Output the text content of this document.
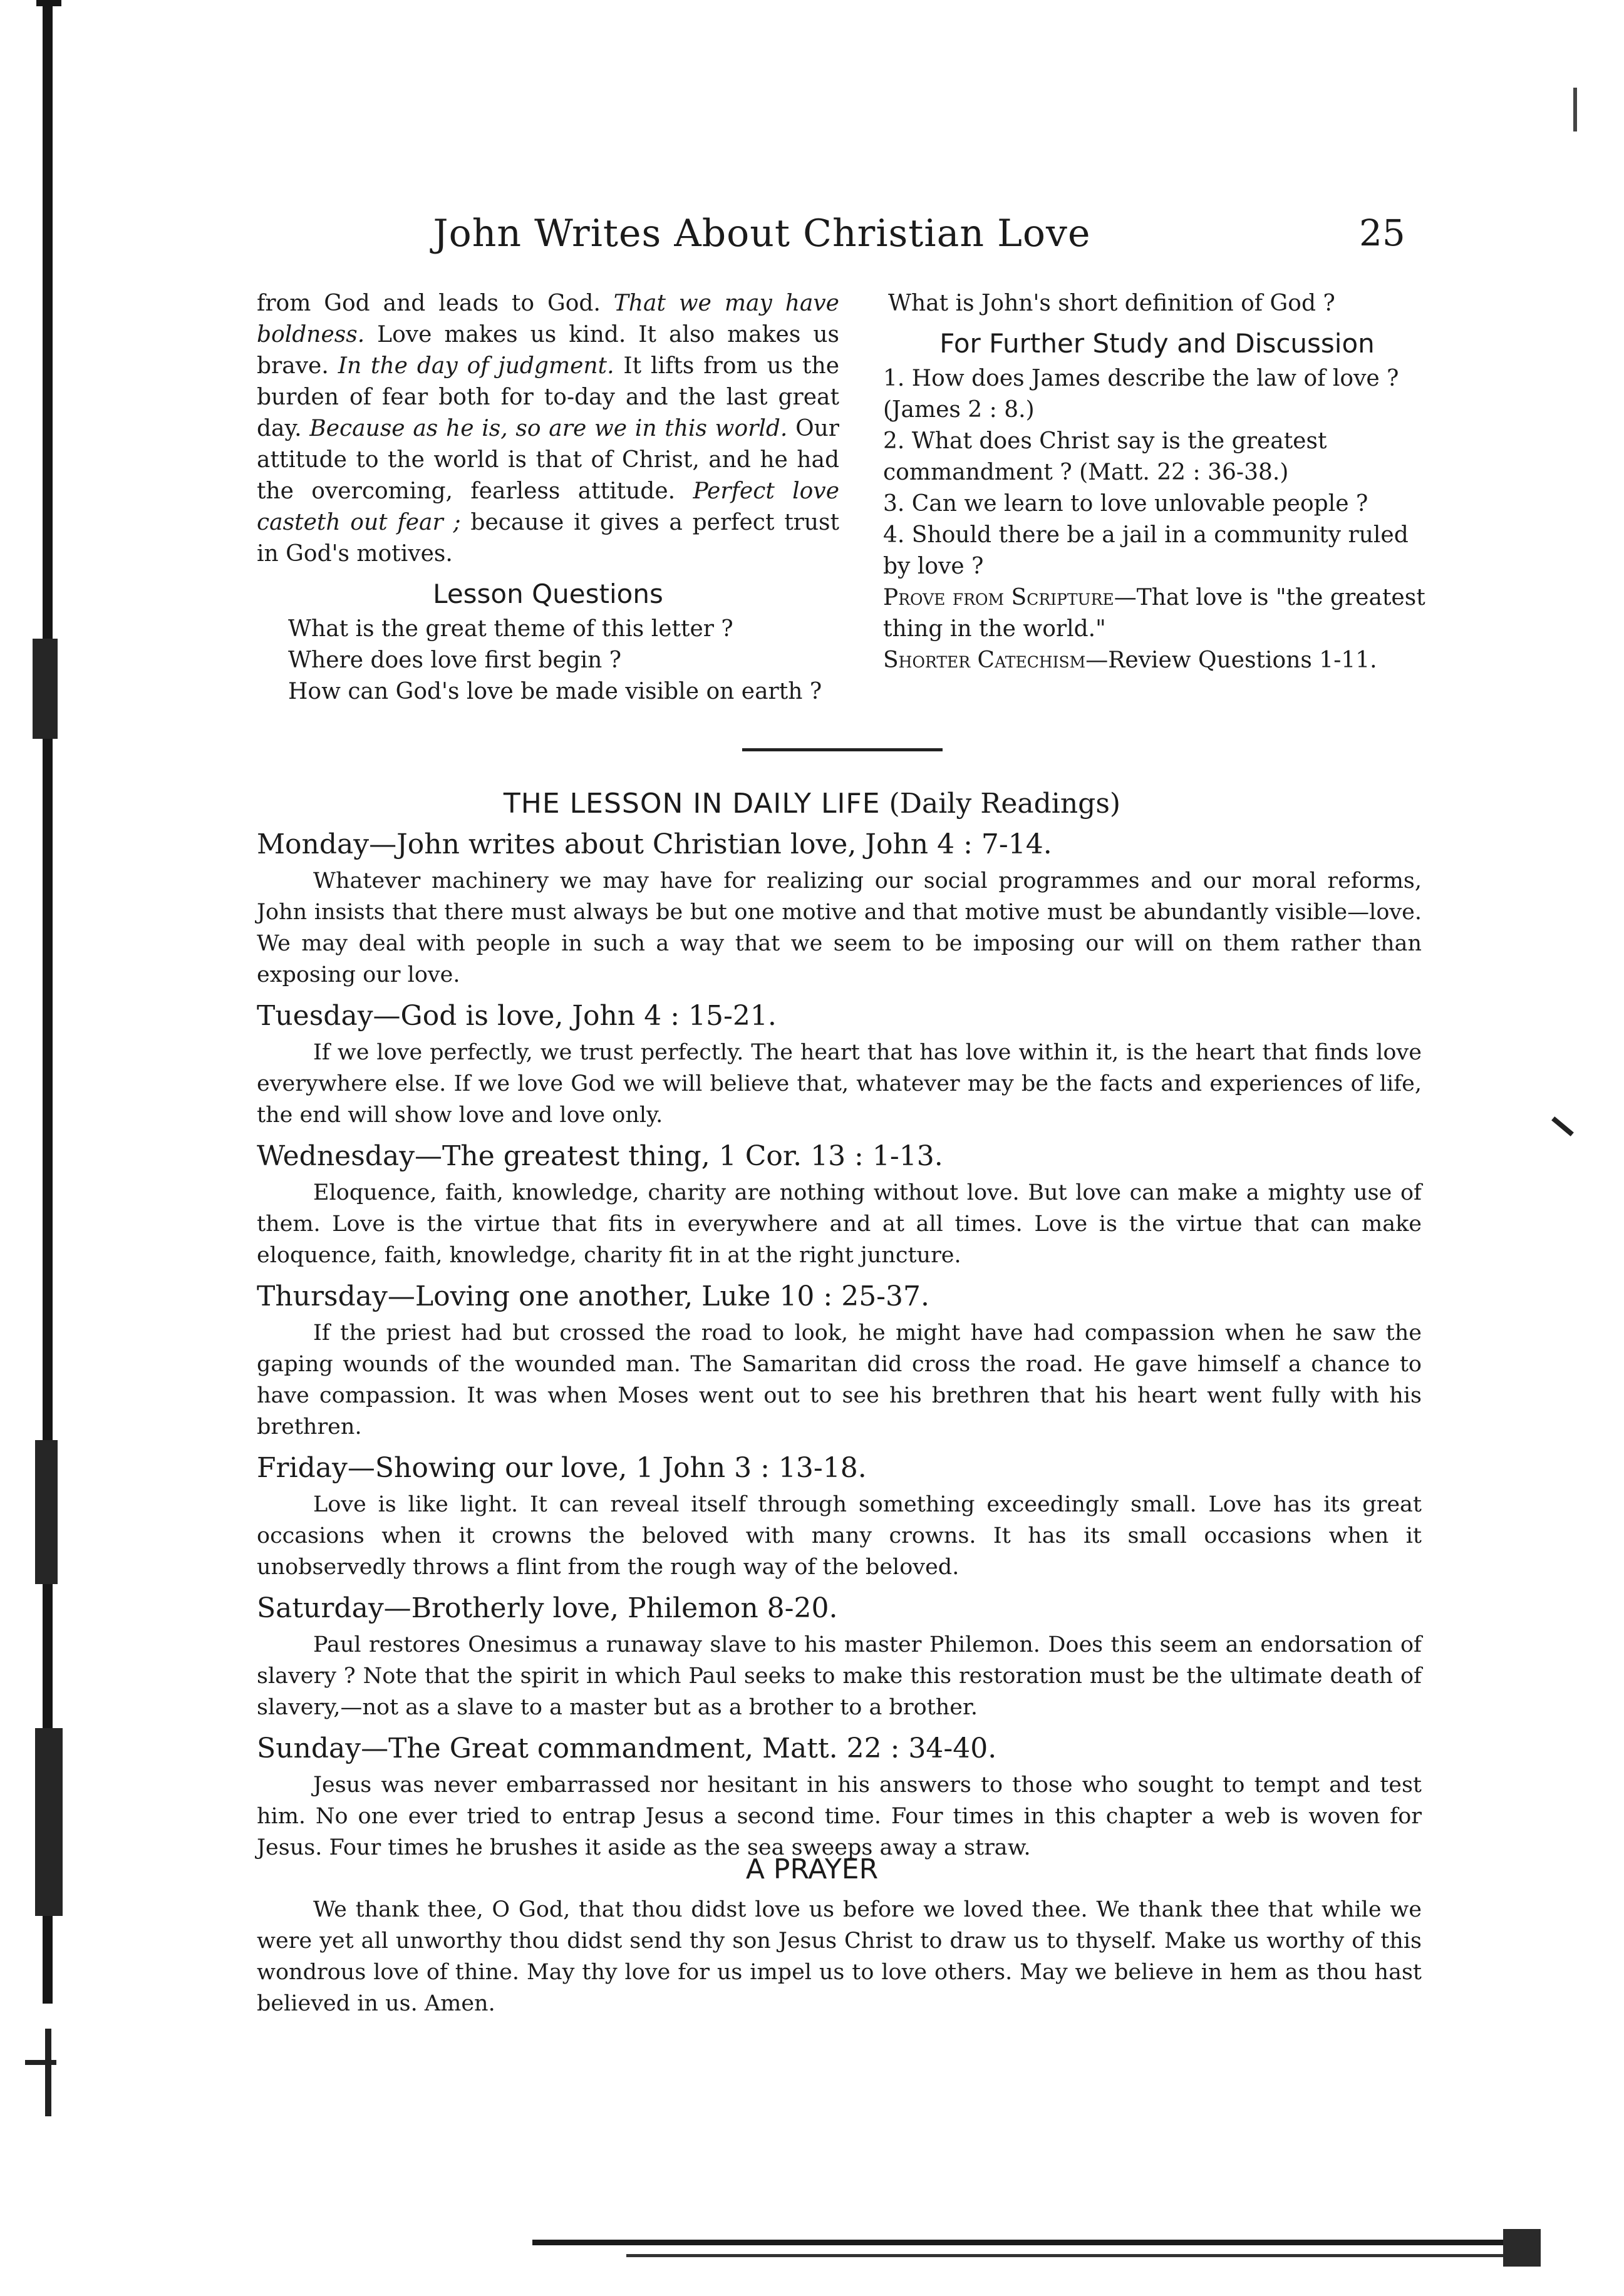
John Writes About Christian Love	25

from God and leads to God. That we may have boldness. Love makes us kind. It also makes us brave. In the day of judgment. It lifts from us the burden of fear both for to-day and the last great day. Because as he is, so are we in this world. Our attitude to the world is that of Christ, and he had the overcoming, fearless attitude. Perfect love casteth out fear ; because it gives a perfect trust in God's motives.

Lesson Questions
What is the great theme of this letter ?
Where does love first begin ?
How can God's love be made visible on earth ?

What is John's short definition of God ?

For Further Study and Discussion

1. How does James describe the law of love ? (James 2 : 8.)

2. What does Christ say is the greatest commandment ? (Matt. 22 : 36-38.)

3. Can we learn to love unlovable people ?

4. Should there be a jail in a community ruled by love ?

Prove from Scripture—That love is "the greatest thing in the world."

Shorter Catechism—Review Questions 1-11.

THE LESSON IN DAILY LIFE (Daily Readings)

Monday—John writes about Christian love, John 4 : 7-14.

Whatever machinery we may have for realizing our social programmes and our moral reforms, John insists that there must always be but one motive and that motive must be abundantly visible—love. We may deal with people in such a way that we seem to be imposing our will on them rather than exposing our love.

Tuesday—God is love, John 4 : 15-21.

If we love perfectly, we trust perfectly. The heart that has love within it, is the heart that finds love everywhere else. If we love God we will believe that, whatever may be the facts and experiences of life, the end will show love and love only.

Wednesday—The greatest thing, 1 Cor. 13 : 1-13.

Eloquence, faith, knowledge, charity are nothing without love. But love can make a mighty use of them. Love is the virtue that fits in everywhere and at all times. Love is the virtue that can make eloquence, faith, knowledge, charity fit in at the right juncture.

Thursday—Loving one another, Luke 10 : 25-37.

If the priest had but crossed the road to look, he might have had compassion when he saw the gaping wounds of the wounded man. The Samaritan did cross the road. He gave himself a chance to have compassion. It was when Moses went out to see his brethren that his heart went fully with his brethren.

Friday—Showing our love, 1 John 3 : 13-18.

Love is like light. It can reveal itself through something exceedingly small. Love has its great occasions when it crowns the beloved with many crowns. It has its small occasions when it unobservedly throws a flint from the rough way of the beloved.

Saturday—Brotherly love, Philemon 8-20.

Paul restores Onesimus a runaway slave to his master Philemon. Does this seem an endorsation of slavery ? Note that the spirit in which Paul seeks to make this restoration must be the ultimate death of slavery,—not as a slave to a master but as a brother to a brother.

Sunday—The Great commandment, Matt. 22 : 34-40.

Jesus was never embarrassed nor hesitant in his answers to those who sought to tempt and test him. No one ever tried to entrap Jesus a second time. Four times in this chapter a web is woven for Jesus. Four times he brushes it aside as the sea sweeps away a straw.

A PRAYER

We thank thee, O God, that thou didst love us before we loved thee. We thank thee that while we were yet all unworthy thou didst send thy son Jesus Christ to draw us to thyself. Make us worthy of this wondrous love of thine. May thy love for us impel us to love others. May we believe in hem as thou hast believed in us. Amen.
